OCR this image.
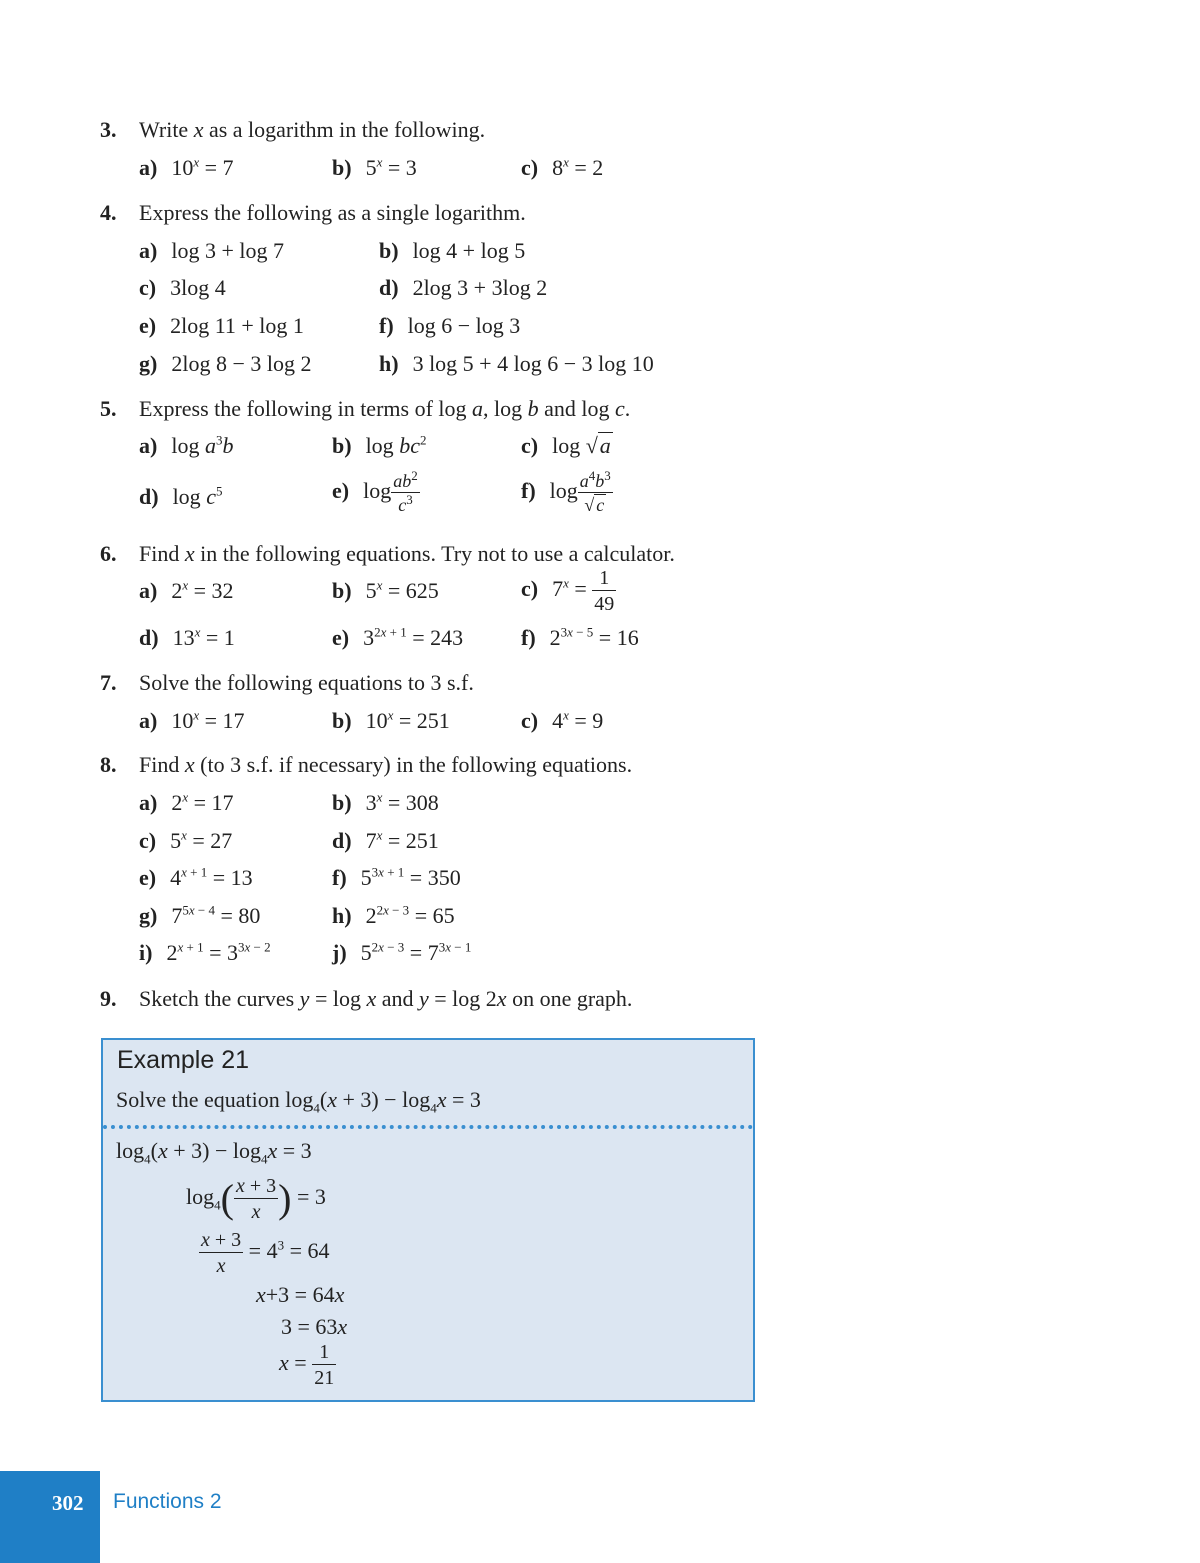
3. Write x as a logarithm in the following.
a) $10^x = 7$	b) $5^x = 3$	c) $8^x = 2$
4. Express the following as a single logarithm.
a) log 3 + log 7	b) log 4 + log 5
c) 3log 4	d) 2log 3 + 3log 2
e) 2log 11 + log 1	f) log 6 − log 3
g) 2log 8 − 3 log 2	h) 3 log 5 + 4 log 6 − 3 log 10
5. Express the following in terms of log a, log b and log c.
a) $\log a^3b$	b) $\log bc^2$	c) log √a
d) $\log c^5$	e) $\log \frac{ab^2}{c^3}$	f) $\log \frac{a^4b^3}{√ c}$
6. Find x in the following equations. Try not to use a calculator.
a) $2^x = 32$	b) $5^x = 625$	c) $7^x = \frac{1}{49}$
d) $13^x = 1$	e) $3^{2x + 1} = 243$	f) $2^{3x - 5} = 16$
7. Solve the following equations to 3 s.f.
a) $10^x = 17$	b) $10^x = 251$	c) $4^x = 9$
8. Find x (to 3 s.f. if necessary) in the following equations.
a) $2^x = 17$	b) $3^x = 308$
c) $5^x = 27$	d) $7^x = 251$
e) $4^{x + 1} = 13$	f) $5^{3x + 1} = 350$
g) $7^{5x - 4} = 80$	h) $2^{2x - 3} = 65$
i) $2^{x + 1} = 3^{3x - 2}$	j) $5^{2x - 3} = 7^{3x - 1}$
9. Sketch the curves y = log x and y = log 2x on one graph.
Example 21
Solve the equation $\log_4(x + 3) - \log_4x = 3$
$\log_4(x + 3) - \log_4x = 3$
$\log_4( \frac{x + 3}{x}$ ) = 3
$\frac{x + 3}{x} = 4^3 = 64$
x+3 = 64x
3 = 63x
$x = \frac{1}{21}$
302 Functions 2
